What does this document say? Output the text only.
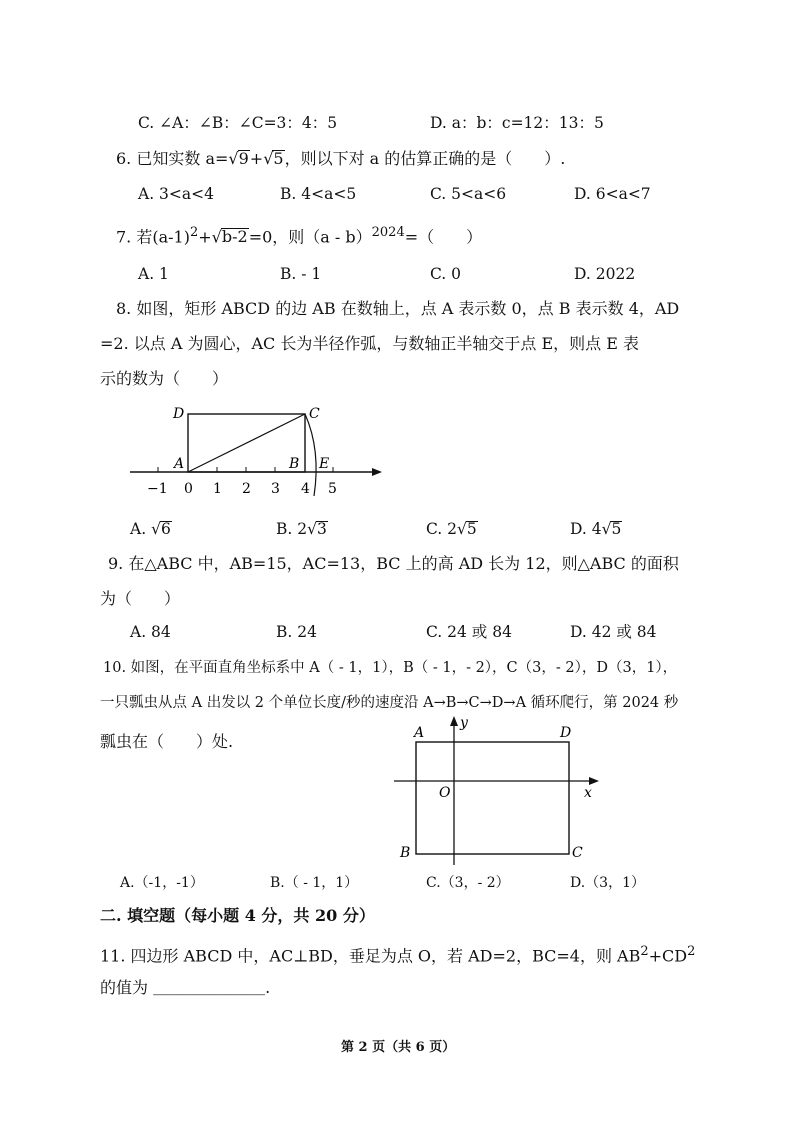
C. ∠A：∠B：∠C=3：4：5	D. a：b：c=12：13：5
6. 已知实数 a=√9+√5，则以下对 a 的估算正确的是（　　）.
A. 3<a<4	B. 4<a<5	C. 5<a<6	D. 6<a<7
7. 若$(a-1)^2+√b-2=0$，则（a - b）$^{2024}$=（　　）
A. 1	B. - 1	C. 0	D. 2022
8. 如图，矩形 ABCD 的边 AB 在数轴上，点 A 表示数 0，点 B 表示数 4，AD
=2. 以点 A 为圆心，AC 长为半径作弧，与数轴正半轴交于点 E，则点 E 表
示的数为（　　）
D	C
A	B E
−1 0 1 2 3 4 5
A. √6	B. 2√3	C. 2√5	D. 4√5
9. 在△ABC 中，AB=15，AC=13，BC 上的高 AD 长为 12，则△ABC 的面积
为（　　）
A. 84	B. 24	C. 24 或 84	D. 42 或 84
10. 如图，在平面直角坐标系中 A（ - 1，1），B（ - 1，- 2），C（3，- 2），D（3，1），
一只瓢虫从点 A 出发以 2 个单位长度/秒的速度沿 A→B→C→D→A 循环爬行，第 2024 秒
瓢虫在（　　）处.	A
y
D
O	x
B	C
A.（-1，-1）	B.（ - 1，1）	C.（3，- 2）	D.（3，1）
二. 填空题（每小题 4 分，共 20 分）
11. 四边形 ABCD 中，AC⊥BD，垂足为点 O，若 AD=2，BC=4，则 $AB^2+CD^2$
的值为 ＿＿＿＿＿＿＿.
第 2 页（共 6 页）
